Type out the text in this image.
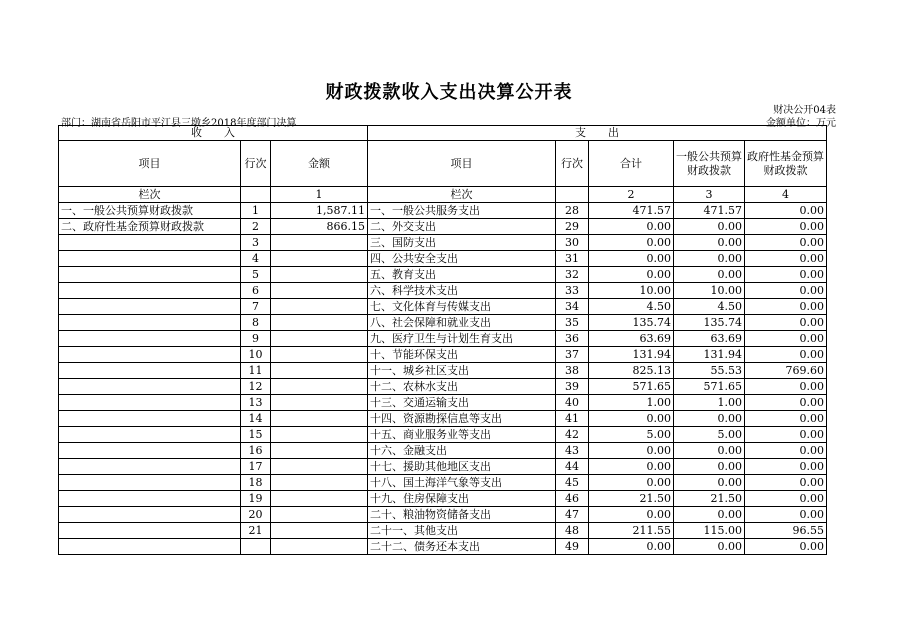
财政拨款收入支出决算公开表
财决公开04表
部门：湖南省岳阳市平江县三墩乡2018年度部门决算	金额单位：万元
收　　入			支　　出				
项目	行次	金额	项目	行次	合计	一般公共预算财政拨款	政府性基金预算财政拨款
栏次		1	栏次		2	3	4
一、一般公共预算财政拨款	1	1,587.11	一、一般公共服务支出	28	471.57	471.57	0.00
二、政府性基金预算财政拨款	2	866.15	二、外交支出	29	0.00	0.00	0.00
	3		三、国防支出	30	0.00	0.00	0.00
	4		四、公共安全支出	31	0.00	0.00	0.00
	5		五、教育支出	32	0.00	0.00	0.00
	6		六、科学技术支出	33	10.00	10.00	0.00
	7		七、文化体育与传媒支出	34	4.50	4.50	0.00
	8		八、社会保障和就业支出	35	135.74	135.74	0.00
	9		九、医疗卫生与计划生育支出	36	63.69	63.69	0.00
	10		十、节能环保支出	37	131.94	131.94	0.00
	11		十一、城乡社区支出	38	825.13	55.53	769.60
	12		十二、农林水支出	39	571.65	571.65	0.00
	13		十三、交通运输支出	40	1.00	1.00	0.00
	14		十四、资源勘探信息等支出	41	0.00	0.00	0.00
	15		十五、商业服务业等支出	42	5.00	5.00	0.00
	16		十六、金融支出	43	0.00	0.00	0.00
	17		十七、援助其他地区支出	44	0.00	0.00	0.00
	18		十八、国土海洋气象等支出	45	0.00	0.00	0.00
	19		十九、住房保障支出	46	21.50	21.50	0.00
	20		二十、粮油物资储备支出	47	0.00	0.00	0.00
	21		二十一、其他支出	48	211.55	115.00	96.55
			二十二、债务还本支出	49	0.00	0.00	0.00
